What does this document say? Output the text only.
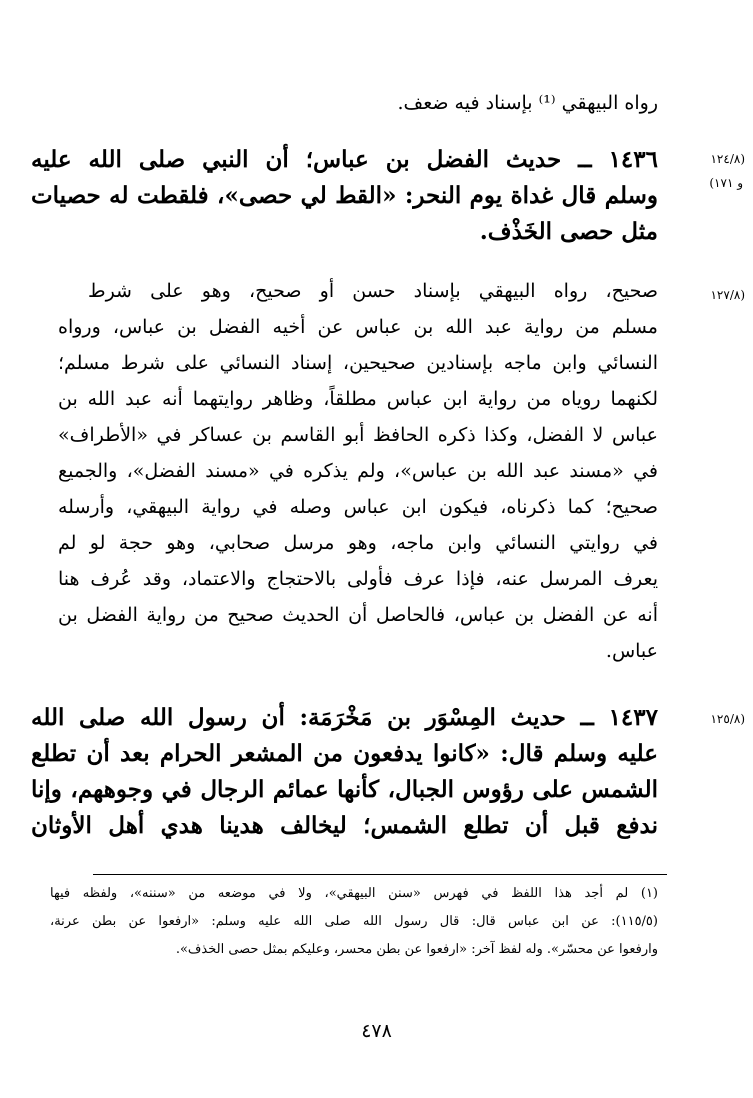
رواه البيهقي ⁽¹⁾ بإسناد فيه ضعف.
(١٢٤/٨
و ١٧١)
١٤٣٦ ــ حديث الفضل بن عباس؛ أن النبي صلى الله عليه
وسلم قال غداة يوم النحر: «القط لي حصى»، فلقطت له حصيات
مثل حصى الخَذْف.
(١٢٧/٨
صحيح، رواه البيهقي بإسناد حسن أو صحيح، وهو على شرط
مسلم من رواية عبد الله بن عباس عن أخيه الفضل بن عباس، ورواه
النسائي وابن ماجه بإسنادين صحيحين، إسناد النسائي على شرط مسلم؛
لكنهما روياه من رواية ابن عباس مطلقاً، وظاهر روايتهما أنه عبد الله بن
عباس لا الفضل، وكذا ذكره الحافظ أبو القاسم بن عساكر في «الأطراف»
في «مسند عبد الله بن عباس»، ولم يذكره في «مسند الفضل»، والجميع
صحيح؛ كما ذكرناه، فيكون ابن عباس وصله في رواية البيهقي، وأرسله
في روايتي النسائي وابن ماجه، وهو مرسل صحابي، وهو حجة لو لم
يعرف المرسل عنه، فإذا عرف فأولى بالاحتجاج والاعتماد، وقد عُرف هنا
أنه عن الفضل بن عباس، فالحاصل أن الحديث صحيح من رواية الفضل بن
عباس.
(١٢٥/٨
١٤٣٧ ــ حديث المِسْوَر بن مَخْرَمَة: أن رسول الله صلى الله
عليه وسلم قال: «كانوا يدفعون من المشعر الحرام بعد أن تطلع
الشمس على رؤوس الجبال، كأنها عمائم الرجال في وجوههم، وإنا
ندفع قبل أن تطلع الشمس؛ ليخالف هدينا هدي أهل الأوثان
(١) لم أجد هذا اللفظ في فهرس «سنن البيهقي»، ولا في موضعه من «سننه»، ولفظه فيها
(١١٥/٥): عن ابن عباس قال: قال رسول الله صلى الله عليه وسلم: «ارفعوا عن بطن عرنة،
وارفعوا عن محسّر». وله لفظ آخر: «ارفعوا عن بطن محسر، وعليكم بمثل حصى الخذف».
٤٧٨
